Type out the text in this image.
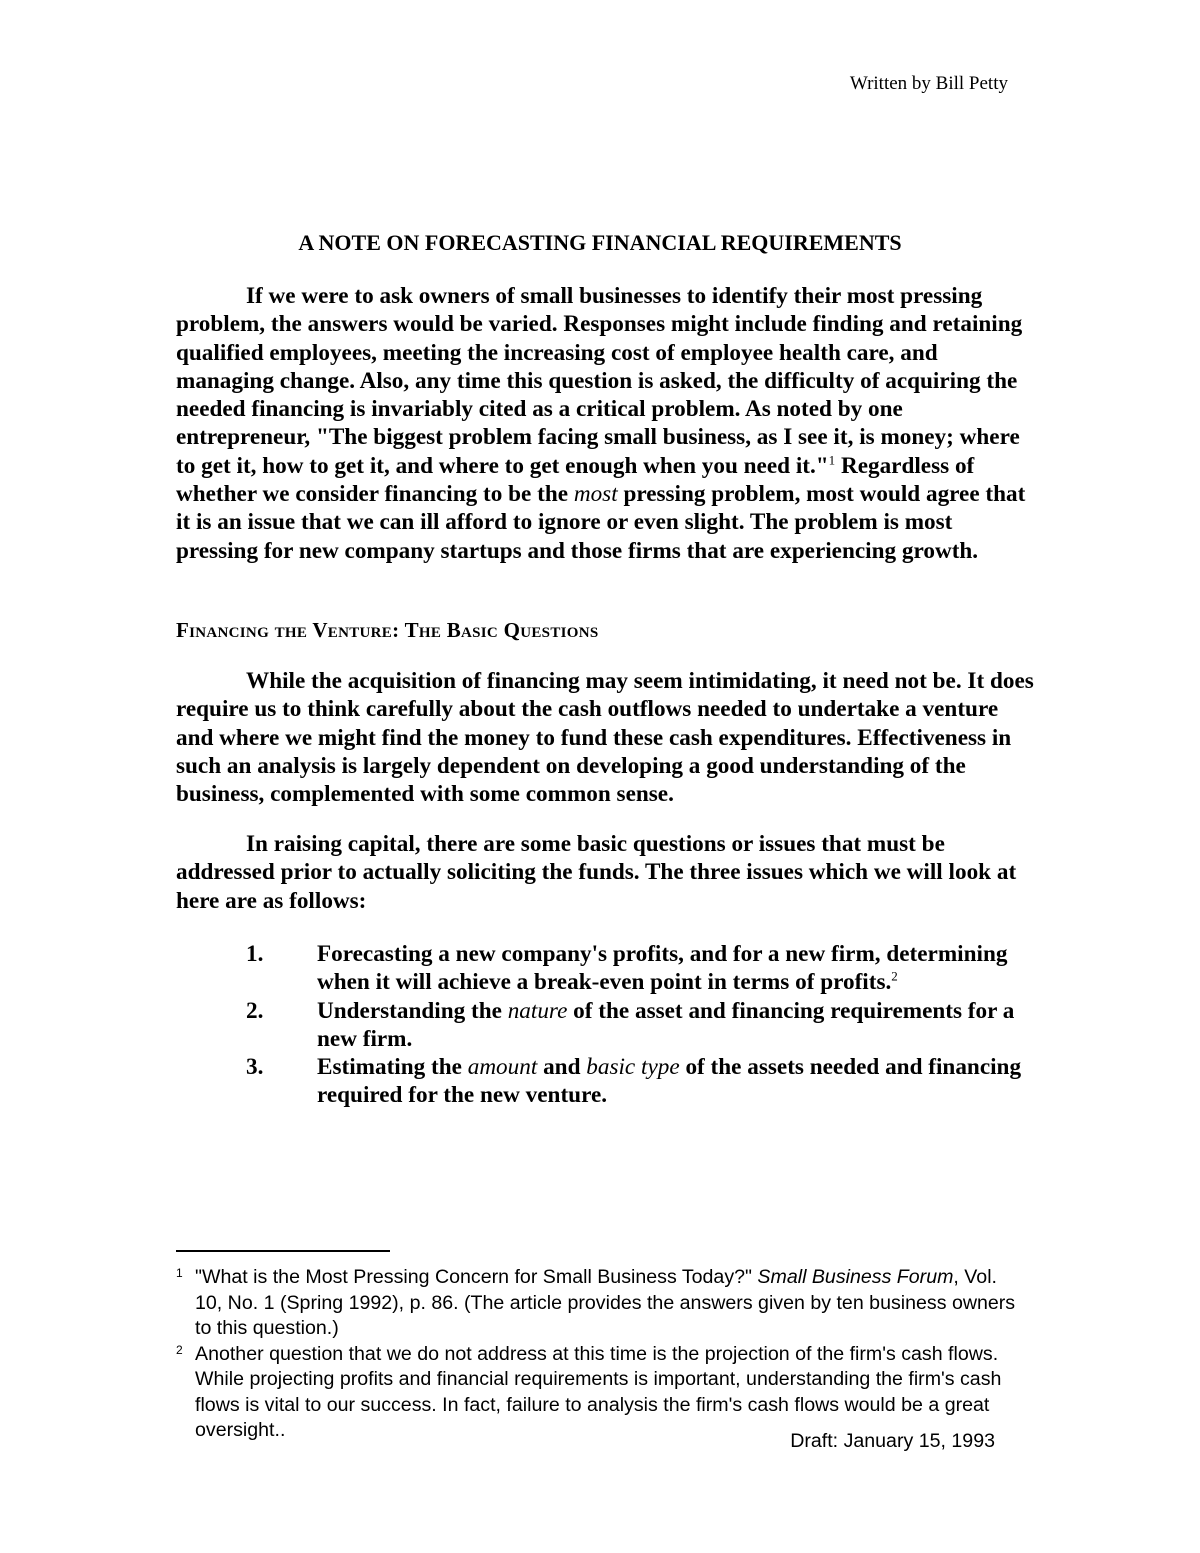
Written by Bill Petty
A NOTE ON FORECASTING FINANCIAL REQUIREMENTS

If we were to ask owners of small businesses to identify their most pressing problem, the answers would be varied. Responses might include finding and retaining qualified employees, meeting the increasing cost of employee health care, and managing change. Also, any time this question is asked, the difficulty of acquiring the needed financing is invariably cited as a critical problem. As noted by one entrepreneur, "The biggest problem facing small business, as I see it, is money; where to get it, how to get it, and where to get enough when you need it."$^1$ Regardless of whether we consider financing to be the most pressing problem, most would agree that it is an issue that we can ill afford to ignore or even slight. The problem is most pressing for new company startups and those firms that are experiencing growth.

Financing the Venture: The Basic Questions

While the acquisition of financing may seem intimidating, it need not be. It does require us to think carefully about the cash outflows needed to undertake a venture and where we might find the money to fund these cash expenditures. Effectiveness in such an analysis is largely dependent on developing a good understanding of the business, complemented with some common sense.

In raising capital, there are some basic questions or issues that must be addressed prior to actually soliciting the funds. The three issues which we will look at here are as follows:

1. Forecasting a new company's profits, and for a new firm, determining when it will achieve a break-even point in terms of profits.$^2$
2. Understanding the nature of the asset and financing requirements for a new firm.
3. Estimating the amount and basic type of the assets needed and financing required for the new venture.

1 "What is the Most Pressing Concern for Small Business Today?" Small Business Forum, Vol. 10, No. 1 (Spring 1992), p. 86. (The article provides the answers given by ten business owners to this question.)

2 Another question that we do not address at this time is the projection of the firm's cash flows. While projecting profits and financial requirements is important, understanding the firm's cash flows is vital to our success. In fact, failure to analysis the firm's cash flows would be a great oversight..	Draft: January 15, 1993
